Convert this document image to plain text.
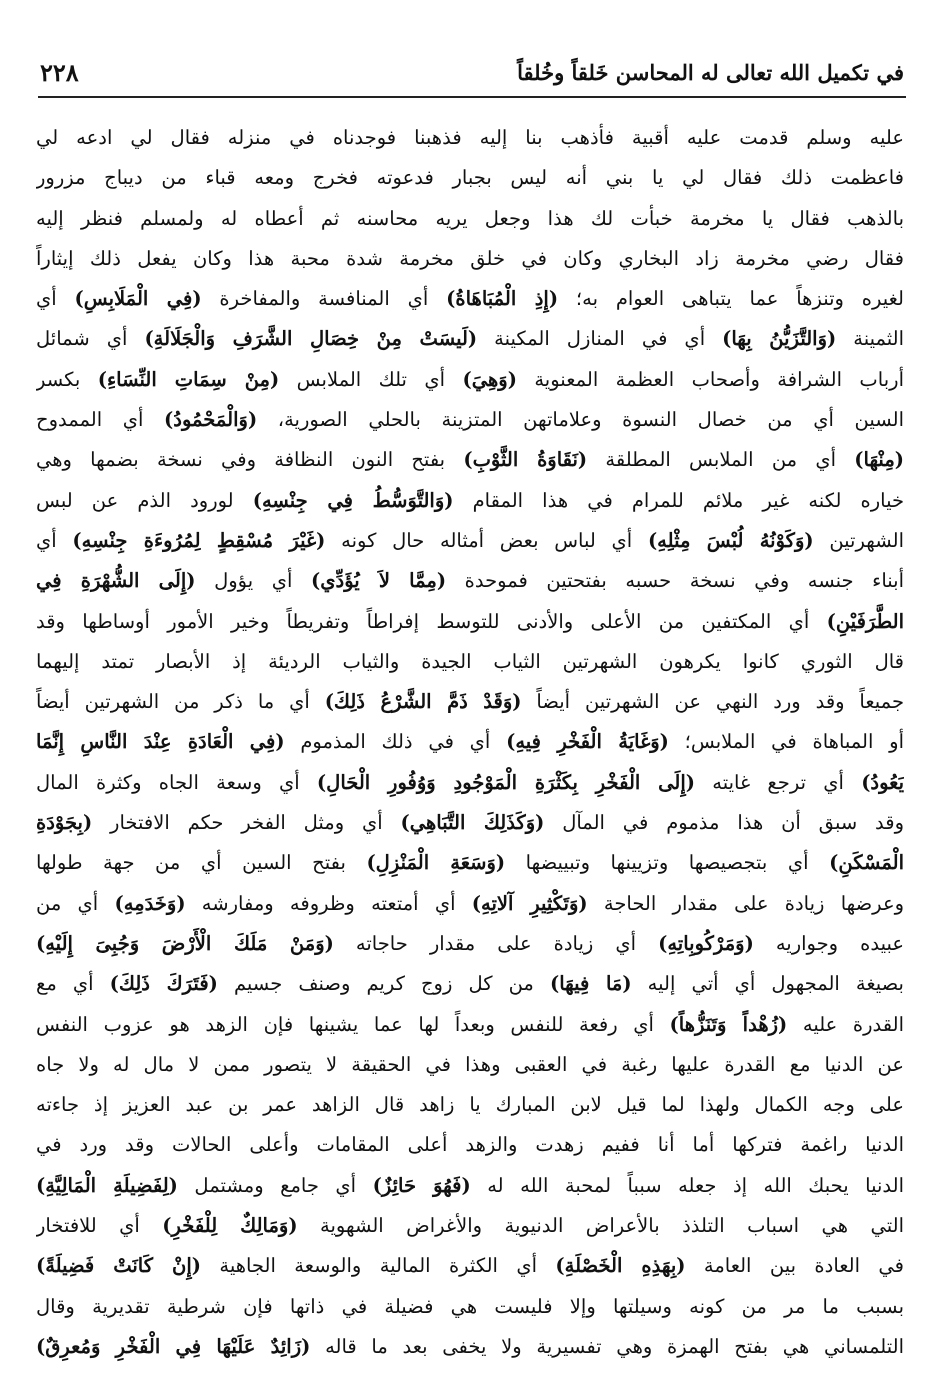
في تكميل الله تعالى له المحاسن خَلقاً وخُلقاً
٢٢٨
عليه وسلم قدمت عليه أقبية فأذهب بنا إليه فذهبنا فوجدناه في منزله فقال لي ادعه لي
فاعظمت ذلك فقال لي يا بني أنه ليس بجبار فدعوته فخرج ومعه قباء من ديباج مزرور
بالذهب فقال يا مخرمة خبأت لك هذا وجعل يريه محاسنه ثم أعطاه له ولمسلم فنظر إليه
فقال رضي مخرمة زاد البخاري وكان في خلق مخرمة شدة محبة هذا وكان يفعل ذلك إيثاراً
لغيره وتنزهاً عما يتباهى العوام به؛ (إِذِ الْمُبَاهَاةُ) أي المنافسة والمفاخرة (فِي الْمَلَابِسِ) أي
الثمينة (وَالتَّزَيُّنُ بِهَا) أي في المنازل المكينة (لَيسَتْ مِنْ خِصَالِ الشَّرَفِ وَالْجَلَالَةِ) أي شمائل
أرباب الشرافة وأصحاب العظمة المعنوية (وَهِيَ) أي تلك الملابس (مِنْ سِمَاتِ النِّسَاءِ) بكسر
السين أي من خصال النسوة وعلاماتهن المتزينة بالحلي الصورية، (وَالْمَحْمُودُ) أي الممدوح
(مِنْهَا) أي من الملابس المطلقة (نَقَاوَةُ الثَّوْبِ) بفتح النون النظافة وفي نسخة بضمها وهي
خياره لكنه غير ملائم للمرام في هذا المقام (وَالتَّوَسُّطُ فِي جِنْسِهِ) لورود الذم عن لبس
الشهرتين (وَكَوْنُهُ لُبْسَ مِثْلِهِ) أي لباس بعض أمثاله حال كونه (غَيْرَ مُسْقِطٍ لِمُرُوءَةِ جِنْسِهِ) أي
أبناء جنسه وفي نسخة حسبه بفتحتين فموحدة (مِمَّا لاَ يُؤَدِّي) أي يؤول (إِلَى الشُّهْرَةِ فِي
الطَّرَفَيْنِ) أي المكتفين من الأعلى والأدنى للتوسط إفراطاً وتفريطاً وخير الأمور أوساطها وقد
قال الثوري كانوا يكرهون الشهرتين الثياب الجيدة والثياب الرديئة إذ الأبصار تمتد إليهما
جميعاً وقد ورد النهي عن الشهرتين أيضاً (وَقَدْ ذَمَّ الشَّرْعُ ذَلِكَ) أي ما ذكر من الشهرتين أيضاً
أو المباهاة في الملابس؛ (وَغَايَةُ الْفَخْرِ فِيهِ) أي في ذلك المذموم (فِي الْعَادَةِ عِنْدَ النَّاسِ إِنَّمَا
يَعُودُ) أي ترجع غايته (إِلَى الْفَخْرِ بِكَثْرَةِ الْمَوْجُودِ وَوُفُورِ الْحَالِ) أي وسعة الجاه وكثرة المال
وقد سبق أن هذا مذموم في المآل (وَكَذَلِكَ التَّبَاهِي) أي ومثل الفخر حكم الافتخار (بِجَوْدَةِ
الْمَسْكَنِ) أي بتجصيصها وتزيينها وتبييضها (وَسَعَةِ الْمَنْزِلِ) بفتح السين أي من جهة طولها
وعرضها زيادة على مقدار الحاجة (وَتَكْثِيرِ آلاتِهِ) أي أمتعته وظروفه ومفارشه (وَخَدَمِهِ) أي من
عبيده وجواريه (وَمَرْكُوبِاتِهِ) أي زيادة على مقدار حاجاته (وَمَنْ مَلَكَ الْأَرْضَ وَجُبِىَ إِلَيْهِ)
بصيغة المجهول أي أتي إليه (مَا فِيهَا) من كل زوج كريم وصنف جسيم (فَتَرَكَ ذَلِكَ) أي مع
القدرة عليه (زُهْداً وَتَنَزُّهاً) أي رفعة للنفس وبعداً لها عما يشينها فإن الزهد هو عزوب النفس
عن الدنيا مع القدرة عليها رغبة في العقبى وهذا في الحقيقة لا يتصور ممن لا مال له ولا جاه
على وجه الكمال ولهذا لما قيل لابن المبارك يا زاهد قال الزاهد عمر بن عبد العزيز إذ جاءته
الدنيا راغمة فتركها أما أنا ففيم زهدت والزهد أعلى المقامات وأعلى الحالات وقد ورد في
الدنيا يحبك الله إذ جعله سبباً لمحبة الله له (فَهُوَ حَائِزٌ) أي جامع ومشتمل (لِفَضِيلَةِ الْمَالِيَّةِ)
التي هي اسباب التلذذ بالأعراض الدنيوية والأغراض الشهوية (وَمَالِكٌ لِلْفَخْرِ) أي للافتخار
في العادة بين العامة (بِهَذِهِ الْخَصْلَةِ) أي الكثرة المالية والوسعة الجاهية (إِنْ كَانَتْ فَضِيلَةً)
بسبب ما مر من كونه وسيلتها وإلا فليست هي فضيلة في ذاتها فإن شرطية تقديرية وقال
التلمساني هي بفتح الهمزة وهي تفسيرية ولا يخفى بعد ما قاله (زَائِدٌ عَلَيْهَا فِي الْفَخْرِ وَمُعرِقٌ)
